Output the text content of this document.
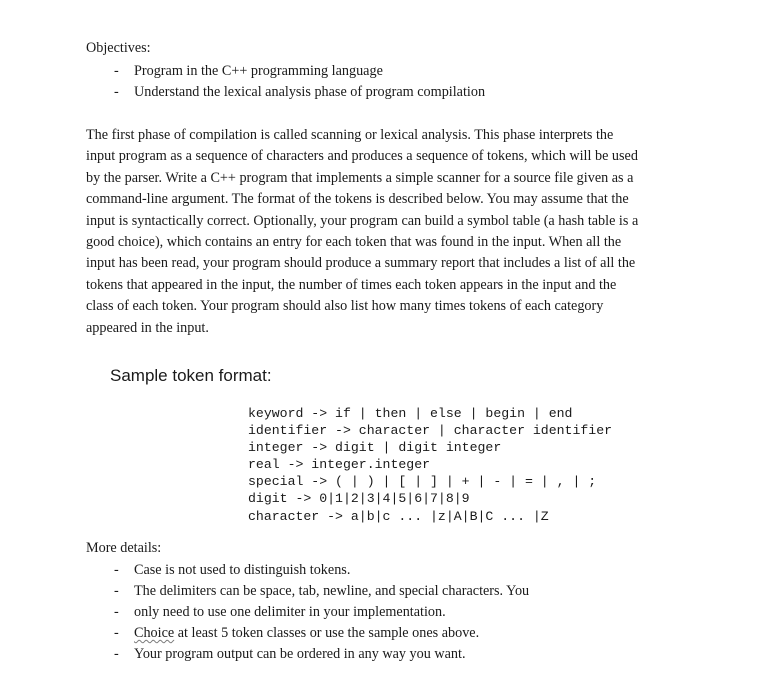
Objectives:
- Program in the C++ programming language
- Understand the lexical analysis phase of program compilation
The first phase of compilation is called scanning or lexical analysis. This phase interprets the
input program as a sequence of characters and produces a sequence of tokens, which will be used
by the parser. Write a C++ program that implements a simple scanner for a source file given as a
command-line argument. The format of the tokens is described below. You may assume that the
input is syntactically correct. Optionally, your program can build a symbol table (a hash table is a
good choice), which contains an entry for each token that was found in the input. When all the
input has been read, your program should produce a summary report that includes a list of all the
tokens that appeared in the input, the number of times each token appears in the input and the
class of each token. Your program should also list how many times tokens of each category
appeared in the input.
Sample token format:
keyword -> if | then | else | begin | end
identifier -> character | character identifier
integer -> digit | digit integer
real -> integer.integer
special -> ( | ) | [ | ] | + | - | = | , | ;
digit -> 0|1|2|3|4|5|6|7|8|9
character -> a|b|c ... |z|A|B|C ... |Z
More details:
- Case is not used to distinguish tokens.
- The delimiters can be space, tab, newline, and special characters. You
- only need to use one delimiter in your implementation.
- Choice at least 5 token classes or use the sample ones above.
- Your program output can be ordered in any way you want.
